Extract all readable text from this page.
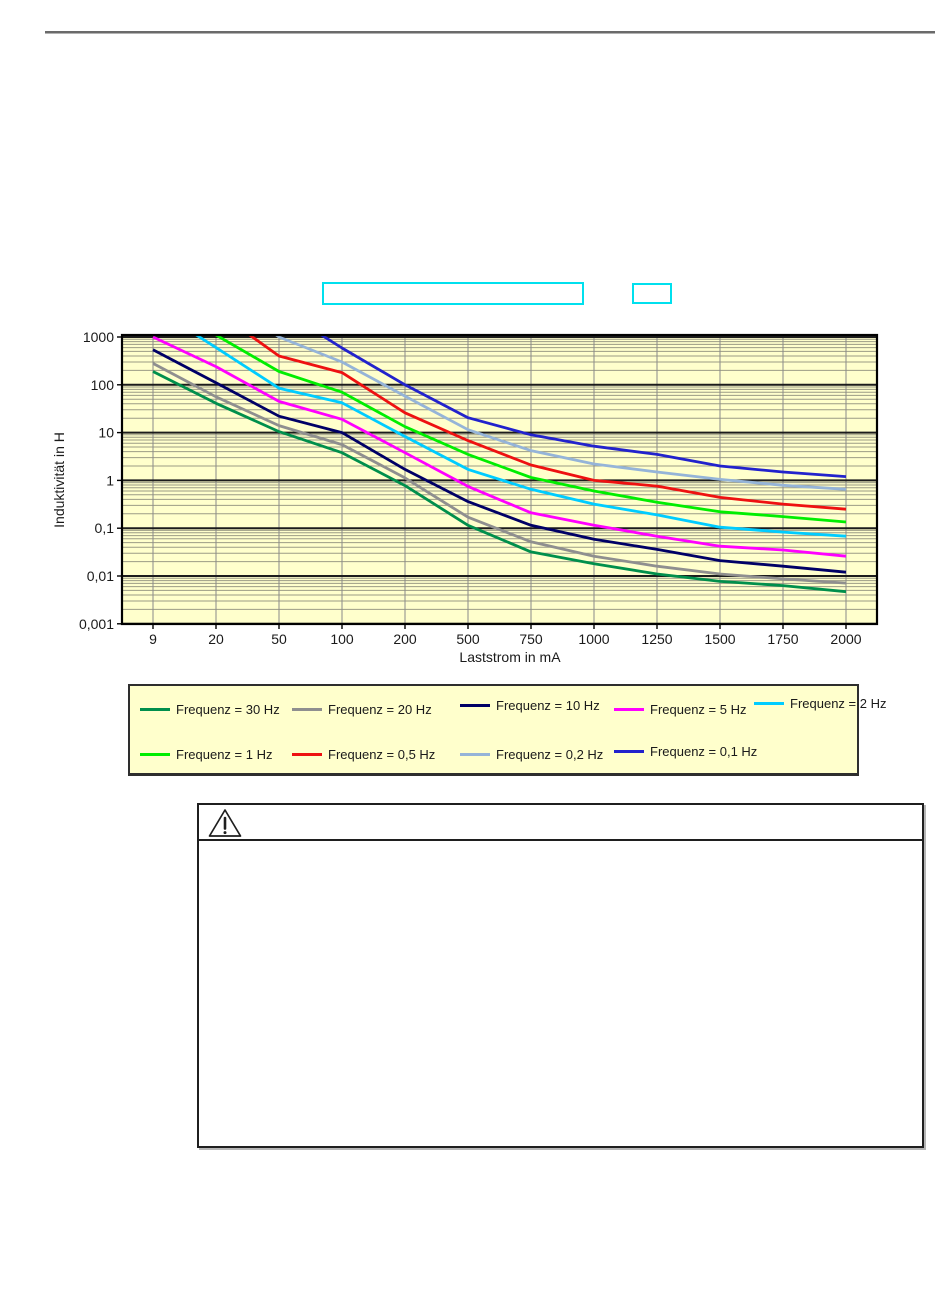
9	20	50	100	200	500	750	1000 1250 1500 1750 2000
1000
100
10
1
0,1
0,01
0,001
Laststrom in mA
Induktivität in H
Frequenz = 30 Hz	Frequenz = 20 Hz	Frequenz = 10 Hz	Frequenz = 5 Hz	Frequenz = 2 Hz
Frequenz = 1 Hz	Frequenz = 0,5 Hz	Frequenz = 0,2 Hz	Frequenz = 0,1 Hz
